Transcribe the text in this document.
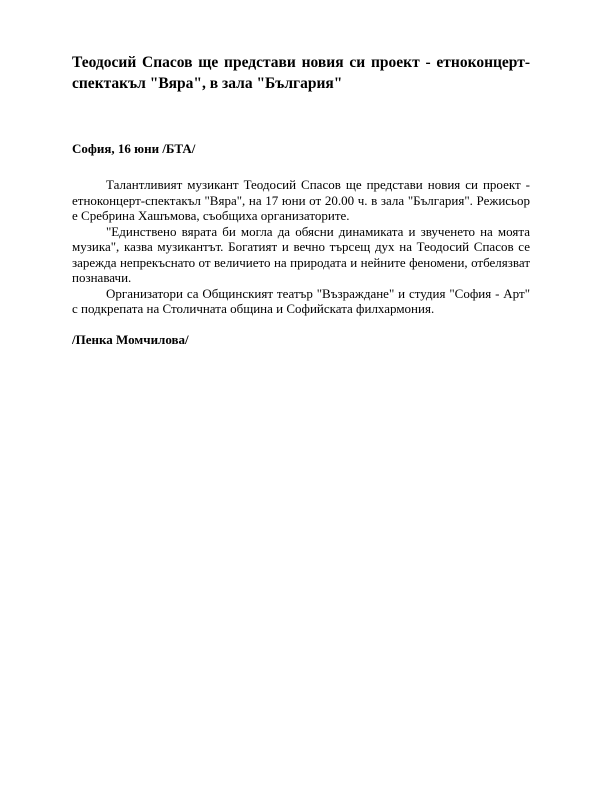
Теодосий Спасов ще представи новия си проект - етноконцерт-спектакъл "Вяра", в зала "България"
София, 16 юни /БТА/

Талантливият музикант Теодосий Спасов ще представи новия си проект - етноконцерт-спектакъл "Вяра", на 17 юни от 20.00 ч. в зала "България". Режисьор е Сребрина Хашъмова, съобщиха организаторите.

"Единствено вярата би могла да обясни динамиката и звученето на моята музика", казва музикантът. Богатият и вечно търсещ дух на Теодосий Спасов се зарежда непрекъснато от величието на природата и нейните феномени, отбелязват познавачи.

Организатори са Общинският театър "Възраждане" и студия "София - Арт" с подкрепата на Столичната община и Софийската филхармония.

/Пенка Момчилова/
